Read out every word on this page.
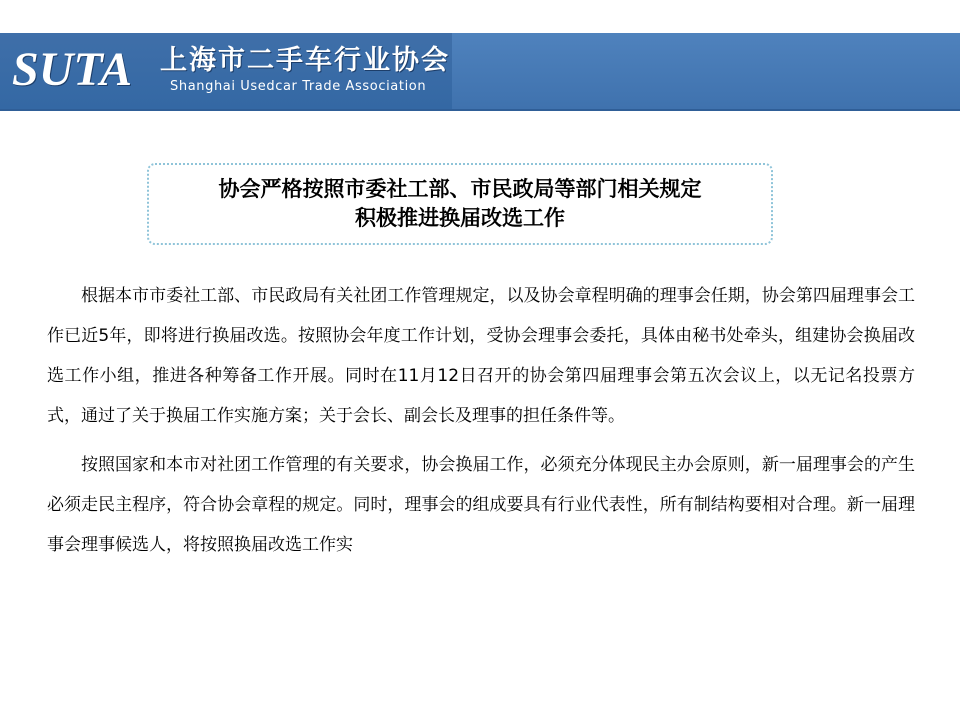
SUTA 上海市二手车行业协会
Shanghai Usedcar Trade Association
协会严格按照市委社工部、市民政局等部门相关规定
积极推进换届改选工作

根据本市市委社工部、市民政局有关社团工作管理规定，以及协会章程明确的理事会任期，协会第四届理事会工作已近5年，即将进行换届改选。按照协会年度工作计划，受协会理事会委托，具体由秘书处牵头，组建协会换届改选工作小组，推进各种筹备工作开展。同时在11月12日召开的协会第四届理事会第五次会议上，以无记名投票方式，通过了关于换届工作实施方案；关于会长、副会长及理事的担任条件等。

按照国家和本市对社团工作管理的有关要求，协会换届工作，必须充分体现民主办会原则，新一届理事会的产生必须走民主程序，符合协会章程的规定。同时，理事会的组成要具有行业代表性，所有制结构要相对合理。新一届理事会理事候选人，将按照换届改选工作实
